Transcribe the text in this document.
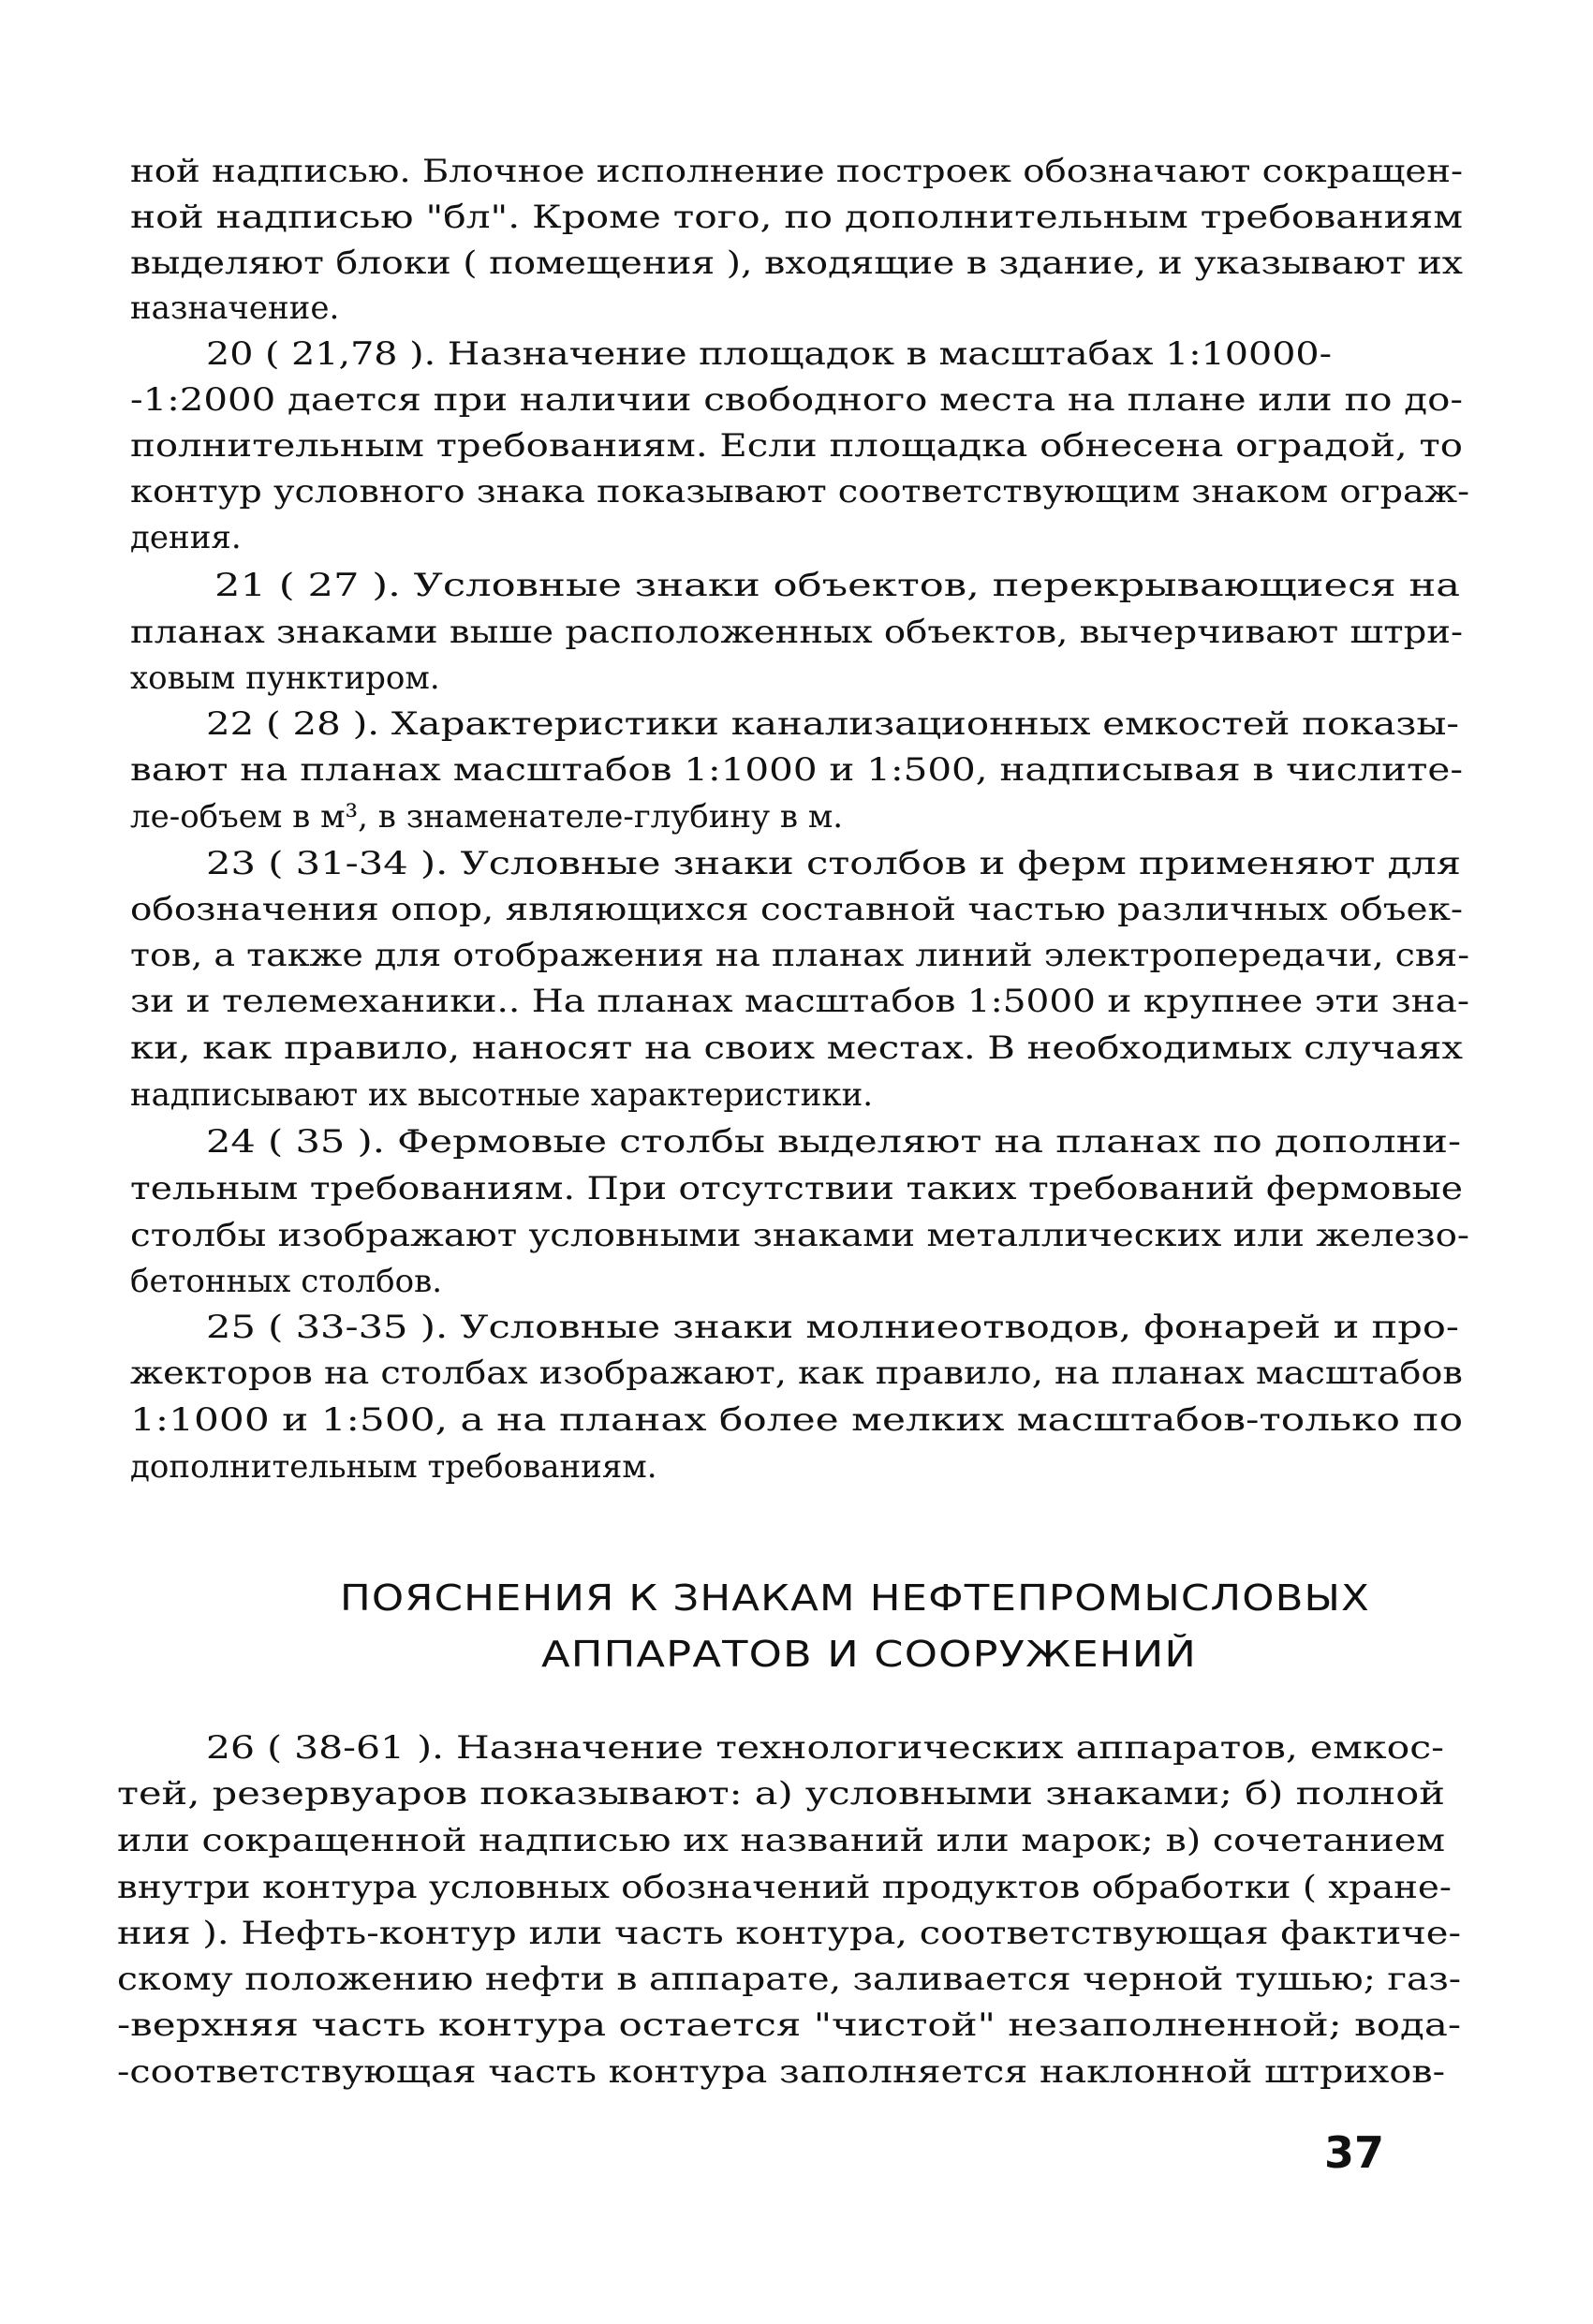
ной надписью. Блочное исполнение построек обозначают сокращен-
ной надписью "бл". Кроме того, по дополнительным требованиям
выделяют блоки ( помещения ), входящие в здание, и указывают их
назначение.
20 ( 21,78 ). Назначение площадок в масштабах 1:10000-
-1:2000 дается при наличии свободного места на плане или по до-
полнительным требованиям. Если площадка обнесена оградой, то
контур условного знака показывают соответствующим знаком ограж-
дения.
21 ( 27 ). Условные знаки объектов, перекрывающиеся на
планах знаками выше расположенных объектов, вычерчивают штри-
ховым пунктиром.
22 ( 28 ). Характеристики канализационных емкостей показы-
вают на планах масштабов 1:1000 и 1:500, надписывая в числите-
ле-объем в м³, в знаменателе-глубину в м.
23 ( 31-34 ). Условные знаки столбов и ферм применяют для
обозначения опор, являющихся составной частью различных объек-
тов, а также для отображения на планах линий электропередачи, свя-
зи и телемеханики.. На планах масштабов 1:5000 и крупнее эти зна-
ки, как правило, наносят на своих местах. В необходимых случаях
надписывают их высотные характеристики.
24 ( 35 ). Фермовые столбы выделяют на планах по дополни-
тельным требованиям. При отсутствии таких требований фермовые
столбы изображают условными знаками металлических или железо-
бетонных столбов.
25 ( 33-35 ). Условные знаки молниеотводов, фонарей и про-
жекторов на столбах изображают, как правило, на планах масштабов
1:1000 и 1:500, а на планах более мелких масштабов-только по
дополнительным требованиям.
ПОЯСНЕНИЯ К ЗНАКАМ НЕФТЕПРОМЫСЛОВЫХ
АППАРАТОВ И СООРУЖЕНИЙ
26 ( 38-61 ). Назначение технологических аппаратов, емкос-
тей, резервуаров показывают: а) условными знаками; б) полной
или сокращенной надписью их названий или марок; в) сочетанием
внутри контура условных обозначений продуктов обработки ( хране-
ния ). Нефть-контур или часть контура, соответствующая фактиче-
скому положению нефти в аппарате, заливается черной тушью; газ-
-верхняя часть контура остается "чистой" незаполненной; вода-
-соответствующая часть контура заполняется наклонной штрихов-
37
